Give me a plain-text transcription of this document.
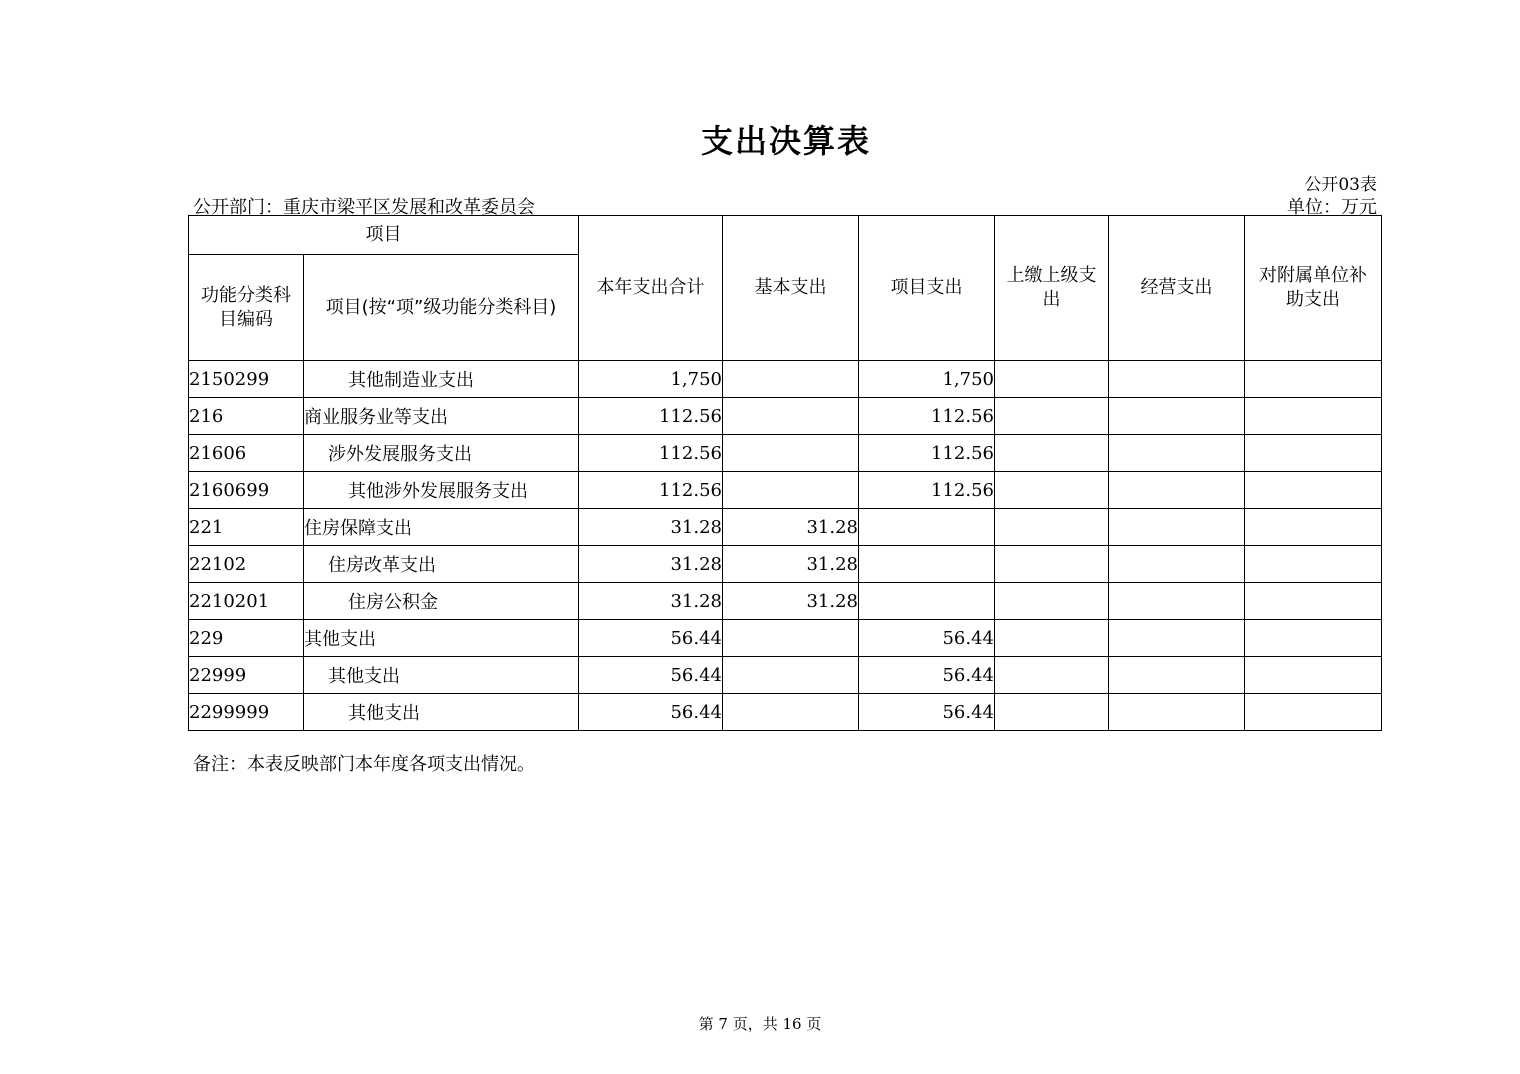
支出决算表
公开03表
公开部门：重庆市梁平区发展和改革委员会	单位：万元
项目		本年支出合计	基本支出	项目支出	上缴上级支出	经营支出	对附属单位补助支出
功能分类科目编码	项目(按“项”级功能分类科目)						
2150299	其他制造业支出	1,750		1,750			
216	商业服务业等支出	112.56		112.56			
21606	涉外发展服务支出	112.56		112.56			
2160699	其他涉外发展服务支出	112.56		112.56			
221	住房保障支出	31.28	31.28				
22102	住房改革支出	31.28	31.28				
2210201	住房公积金	31.28	31.28				
229	其他支出	56.44		56.44			
22999	其他支出	56.44		56.44			
2299999	其他支出	56.44		56.44			
备注：本表反映部门本年度各项支出情况。
第 7 页，共 16 页
